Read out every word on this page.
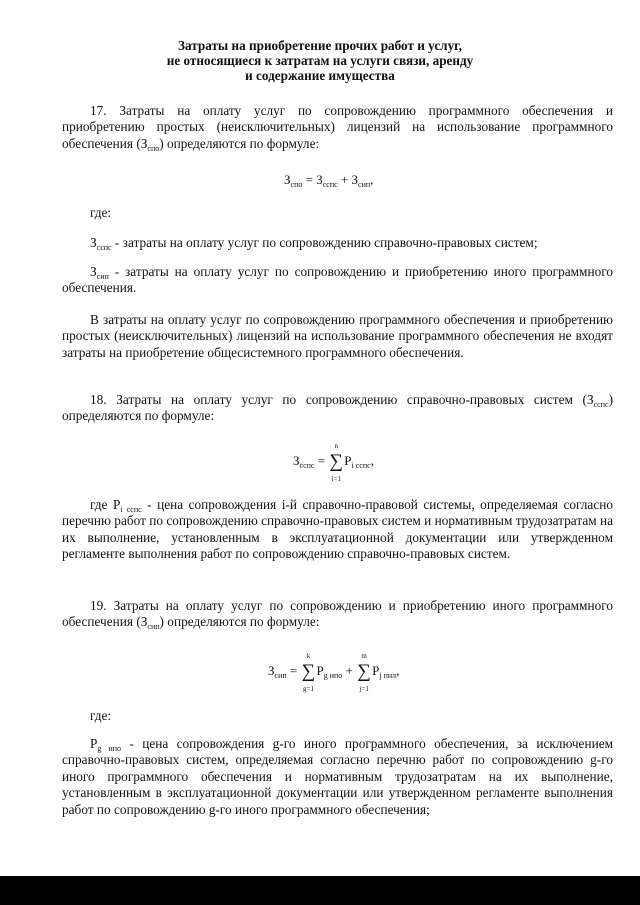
Затраты на приобретение прочих работ и услуг,
не относящиеся к затратам на услуги связи, аренду
и содержание имущества
17. Затраты на оплату услуг по сопровождению программного обеспечения и приобретению простых (неисключительных) лицензий на использование программного обеспечения $(З_{спо})$ определяются по формуле:
$З_{спо} = З_{сспс} + З_{сип}$,
где:
$З_{сспс}$ - затраты на оплату услуг по сопровождению справочно-правовых систем;
$З_{сип}$ - затраты на оплату услуг по сопровождению и приобретению иного программного обеспечения.
В затраты на оплату услуг по сопровождению программного обеспечения и приобретению простых (неисключительных) лицензий на использование программного обеспечения не входят затраты на приобретение общесистемного программного обеспечения.
18. Затраты на оплату услуг по сопровождению справочно-правовых систем $(З_{сспс})$ определяются по формуле:
$З_{сспс}$ =
n
∑
i=1
$P_{i сспс}$,
где $P_{i сспс}$ - цена сопровождения i-й справочно-правовой системы, определяемая согласно перечню работ по сопровождению справочно-правовых систем и нормативным трудозатратам на их выполнение, установленным в эксплуатационной документации или утвержденном регламенте выполнения работ по сопровождению справочно-правовых систем.
19. Затраты на оплату услуг по сопровождению и приобретению иного программного обеспечения $(З_{сип})$ определяются по формуле:
$З_{сип}$ =
k
∑
g=1
$P_{g ипо}$ +
m
∑
j=1
$P_{j пнл}$,
где:
$P_{g ипо}$ - цена сопровождения g-го иного программного обеспечения, за исключением справочно-правовых систем, определяемая согласно перечню работ по сопровождению g-го иного программного обеспечения и нормативным трудозатратам на их выполнение, установленным в эксплуатационной документации или утвержденном регламенте выполнения работ по сопровождению g-го иного программного обеспечения;
